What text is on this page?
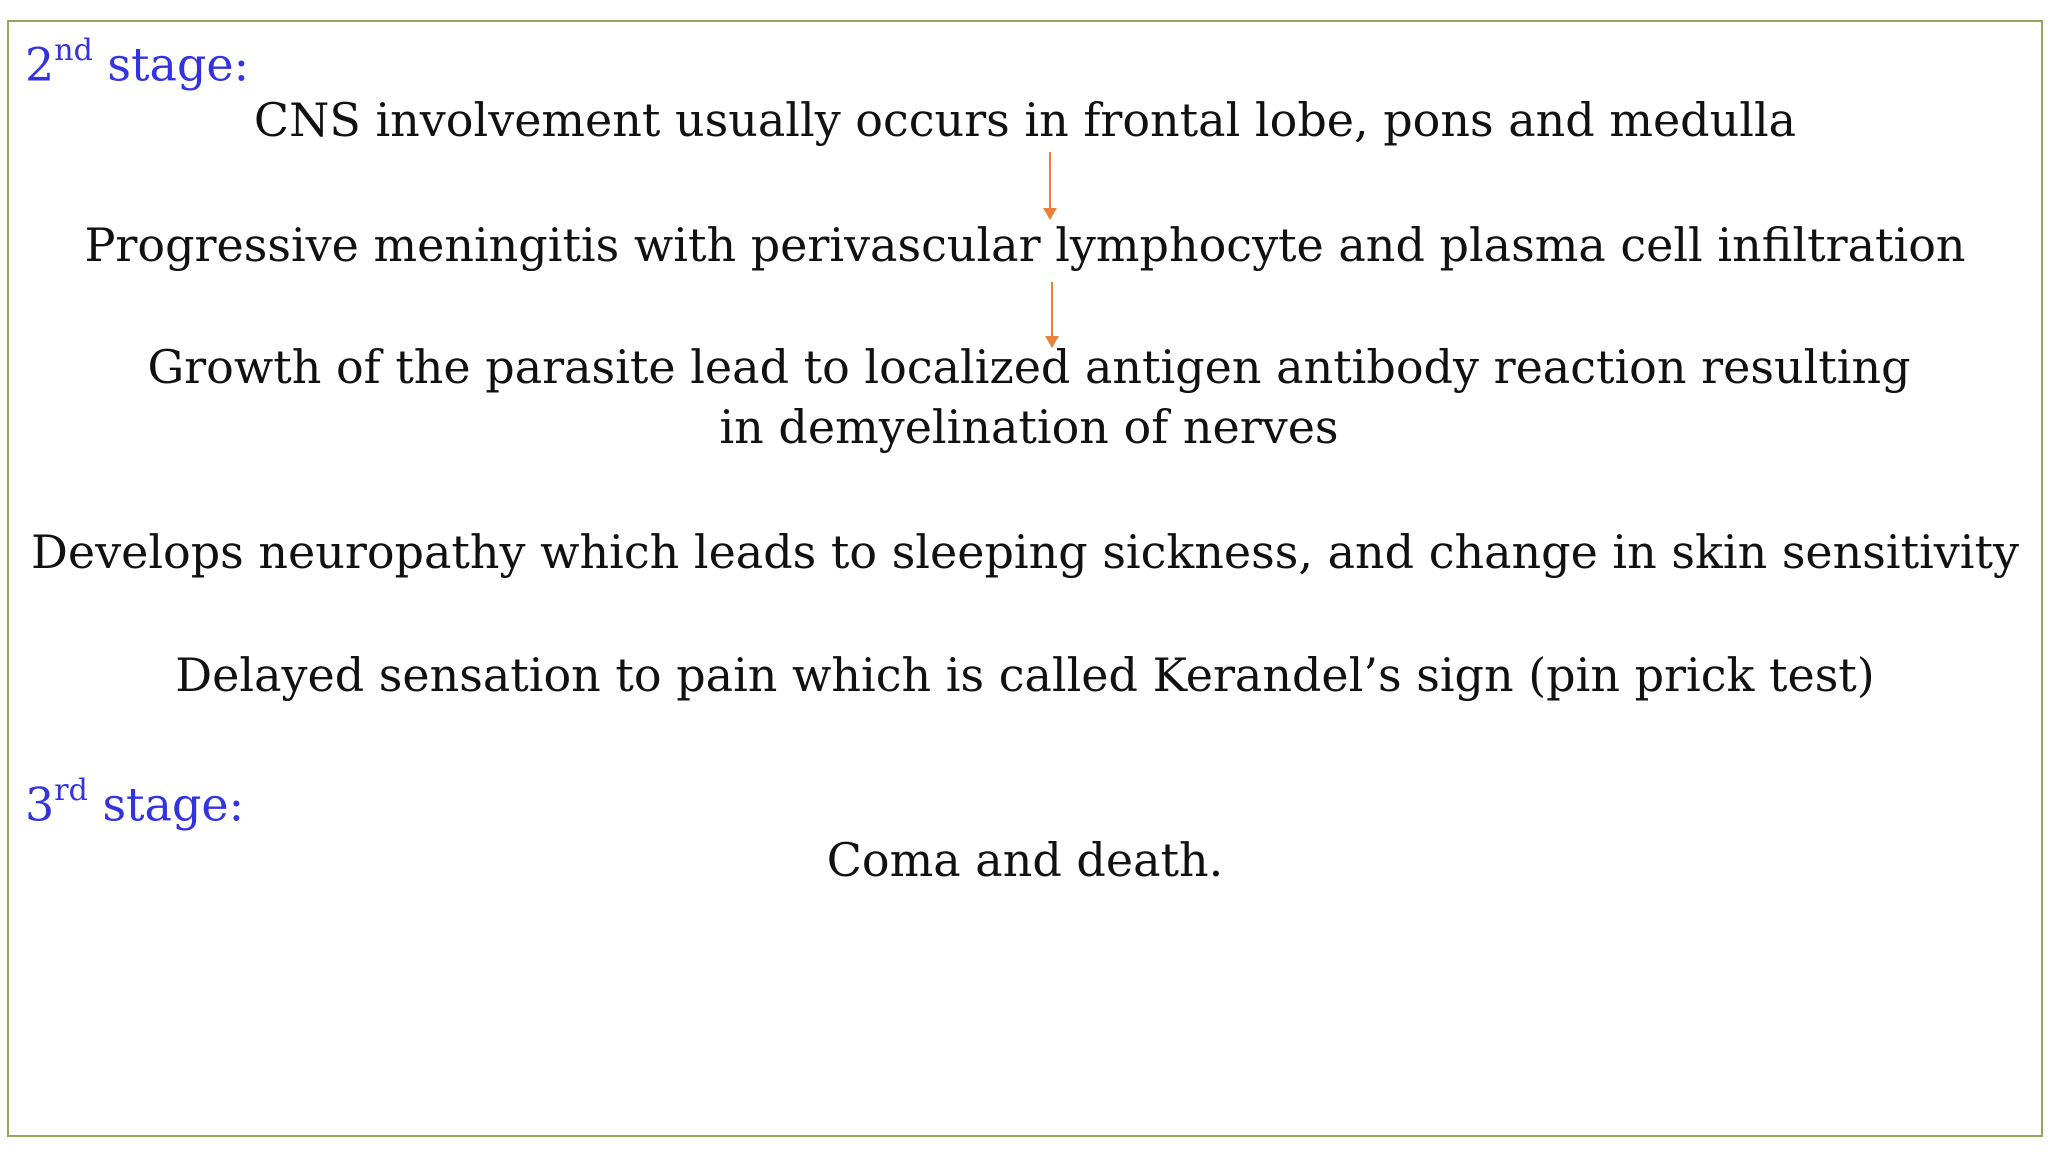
2nd stage:
CNS involvement usually occurs in frontal lobe, pons and medulla
Progressive meningitis with perivascular lymphocyte and plasma cell infiltration
Growth of the parasite lead to localized antigen antibody reaction resulting in demyelination of nerves
Develops neuropathy which leads to sleeping sickness, and change in skin sensitivity
Delayed sensation to pain which is called Kerandel’s sign (pin prick test)
3rd stage:
Coma and death.
